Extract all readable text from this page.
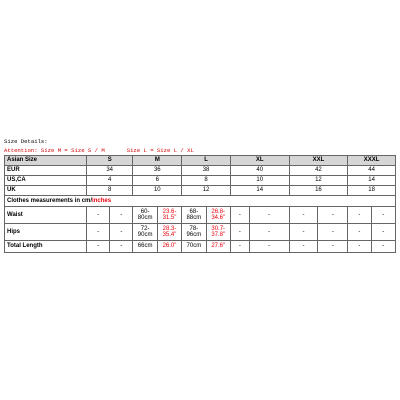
Size Details:
Attention: Size M = Size S / M	Size L = Size L / XL
Asian Size	S		M		L		XL		XXL		XXXL	
EUR	34		36		38		40		42		44	
US,CA	4		6		8		10		12		14	
UK	8		10		12		14		16		18	
Clothes measurements in cm/inches												
Waist	-	-	60-80cm	23.6-31.5"	68-88cm	26.8-34.6"	-	-	-	-	-	-
Hips	-	-	72-90cm	28.3-35.4"	78-96cm	30.7-37.8"	-	-	-	-	-	-
Total Length	-	-	66cm	26.0"	70cm	27.6"	-	-	-	-	-	-
